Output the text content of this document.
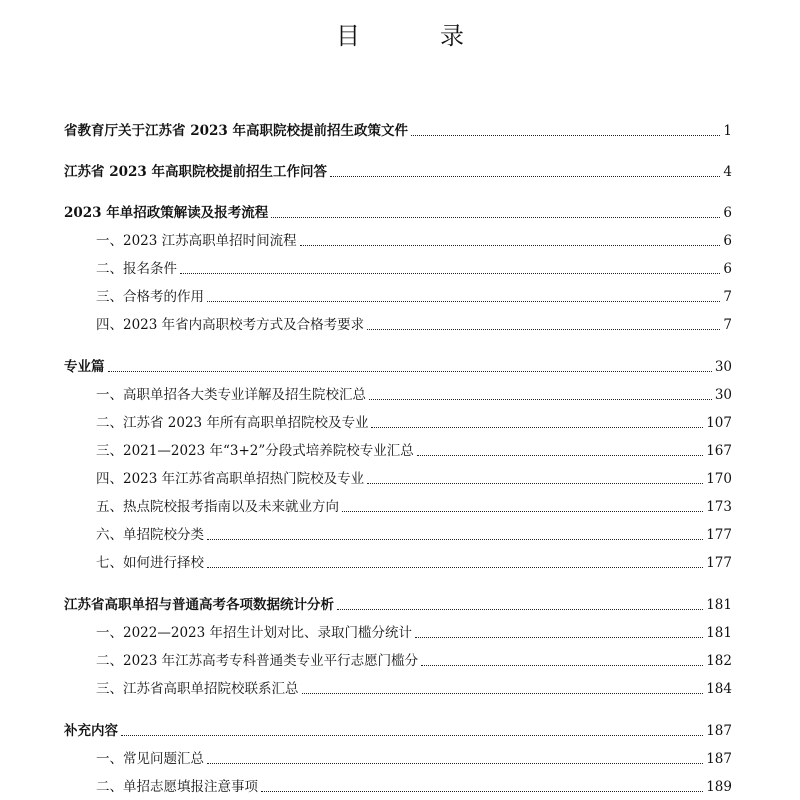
目　录
省教育厅关于江苏省 2023 年高职院校提前招生政策文件	1
江苏省 2023 年高职院校提前招生工作问答	4
2023 年单招政策解读及报考流程	6
一、2023 江苏高职单招时间流程	6
二、报名条件	6
三、合格考的作用	7
四、2023 年省内高职校考方式及合格考要求	7
专业篇	30
一、高职单招各大类专业详解及招生院校汇总	30
二、江苏省 2023 年所有高职单招院校及专业	107
三、2021—2023 年“3+2”分段式培养院校专业汇总	167
四、2023 年江苏省高职单招热门院校及专业	170
五、热点院校报考指南以及未来就业方向	173
六、单招院校分类	177
七、如何进行择校	177
江苏省高职单招与普通高考各项数据统计分析	181
一、2022—2023 年招生计划对比、录取门槛分统计	181
二、2023 年江苏高考专科普通类专业平行志愿门槛分	182
三、江苏省高职单招院校联系汇总	184
补充内容	187
一、常见问题汇总	187
二、单招志愿填报注意事项	189
